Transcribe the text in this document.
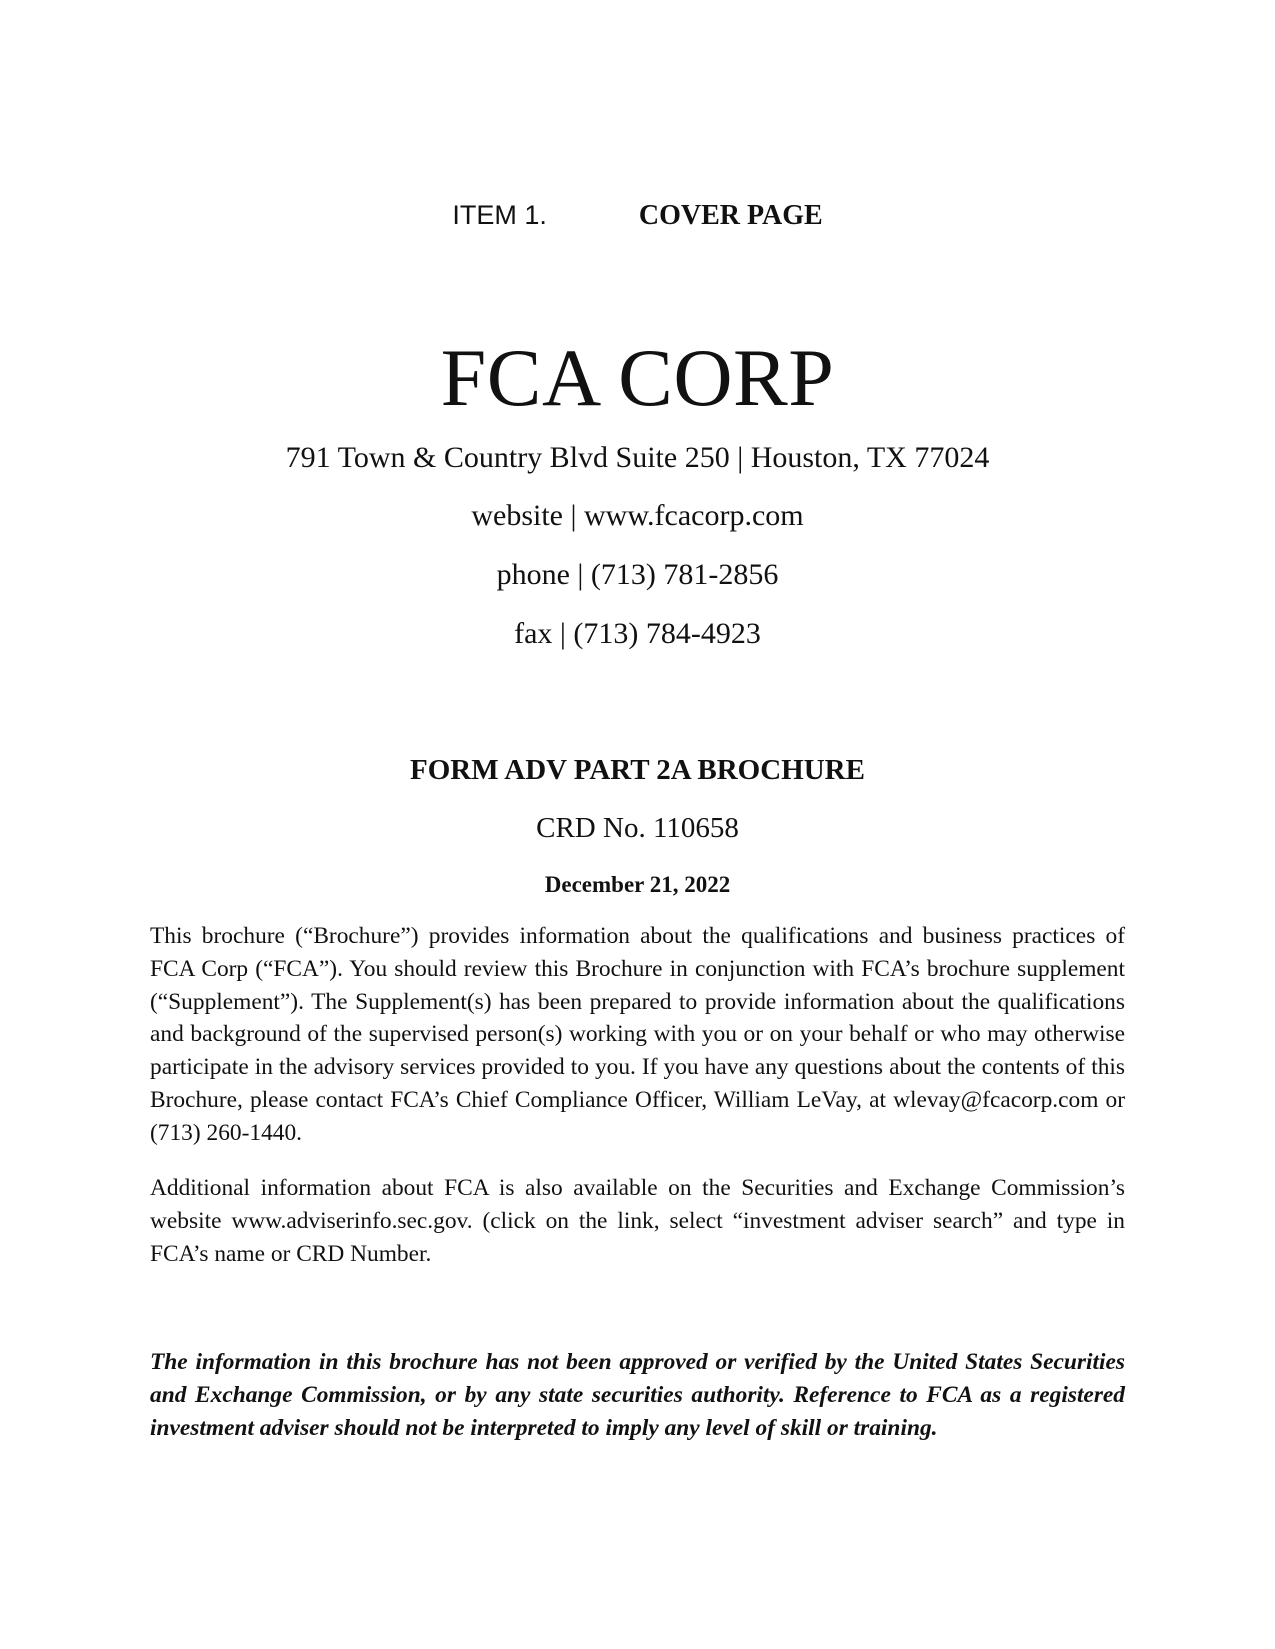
ITEM 1.	COVER PAGE
FCA CORP
791 Town & Country Blvd Suite 250 | Houston, TX 77024
website | www.fcacorp.com
phone | (713) 781-2856
fax | (713) 784-4923
FORM ADV PART 2A BROCHURE
CRD No. 110658
December 21, 2022

This brochure (“Brochure”) provides information about the qualifications and business practices of FCA Corp (“FCA”). You should review this Brochure in conjunction with FCA’s brochure supplement (“Supplement”). The Supplement(s) has been prepared to provide information about the qualifications and background of the supervised person(s) working with you or on your behalf or who may otherwise participate in the advisory services provided to you. If you have any questions about the contents of this Brochure, please contact FCA’s Chief Compliance Officer, William LeVay, at wlevay@fcacorp.com or (713) 260-1440.

Additional information about FCA is also available on the Securities and Exchange Commission’s website www.adviserinfo.sec.gov. (click on the link, select “investment adviser search” and type in FCA’s name or CRD Number.

The information in this brochure has not been approved or verified by the United States Securities and Exchange Commission, or by any state securities authority. Reference to FCA as a registered investment adviser should not be interpreted to imply any level of skill or training.
